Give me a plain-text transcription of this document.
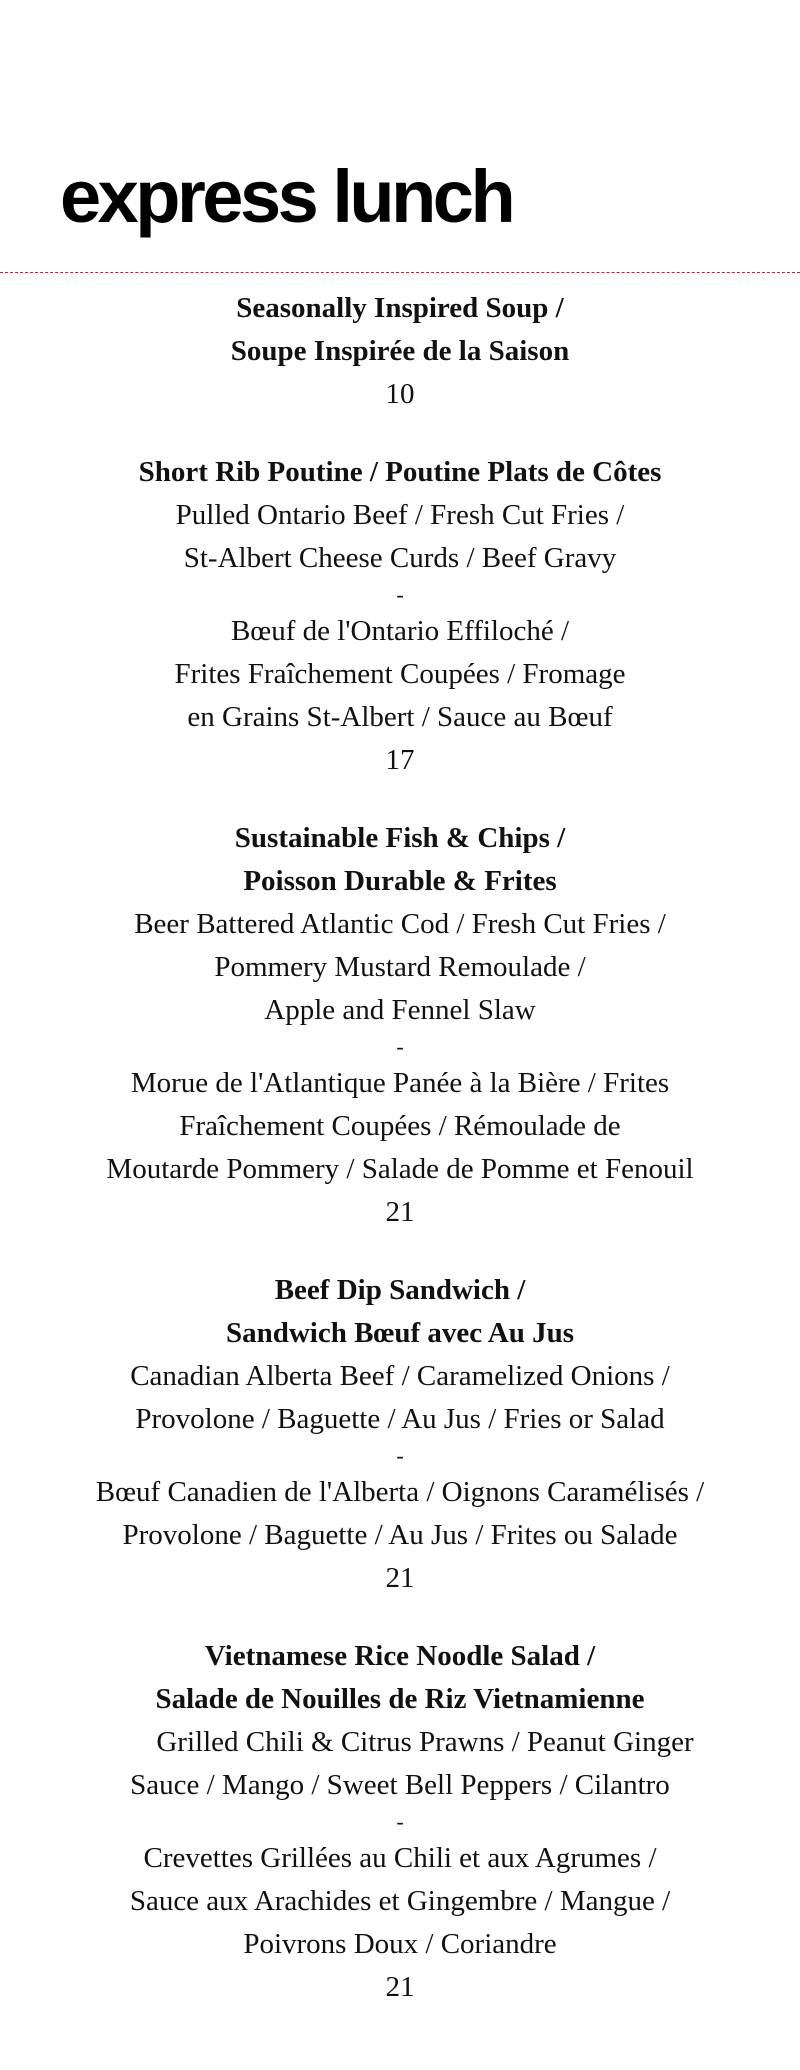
express lunch
Seasonally Inspired Soup /
Soupe Inspirée de la Saison
10
Short Rib Poutine / Poutine Plats de Côtes
Pulled Ontario Beef / Fresh Cut Fries /
St-Albert Cheese Curds / Beef Gravy
-
Bœuf de l'Ontario Effiloché /
Frites Fraîchement Coupées / Fromage
en Grains St-Albert / Sauce au Bœuf
17
Sustainable Fish & Chips /
Poisson Durable & Frites
Beer Battered Atlantic Cod / Fresh Cut Fries /
Pommery Mustard Remoulade /
Apple and Fennel Slaw
-
Morue de l'Atlantique Panée à la Bière / Frites
Fraîchement Coupées / Rémoulade de
Moutarde Pommery / Salade de Pomme et Fenouil
21
Beef Dip Sandwich /
Sandwich Bœuf avec Au Jus
Canadian Alberta Beef / Caramelized Onions /
Provolone / Baguette / Au Jus / Fries or Salad
-
Bœuf Canadien de l'Alberta / Oignons Caramélisés /
Provolone / Baguette / Au Jus / Frites ou Salade
21
Vietnamese Rice Noodle Salad /
Salade de Nouilles de Riz Vietnamienne
Grilled Chili & Citrus Prawns / Peanut Ginger
Sauce / Mango / Sweet Bell Peppers / Cilantro
-
Crevettes Grillées au Chili et aux Agrumes /
Sauce aux Arachides et Gingembre / Mangue /
Poivrons Doux / Coriandre
21
